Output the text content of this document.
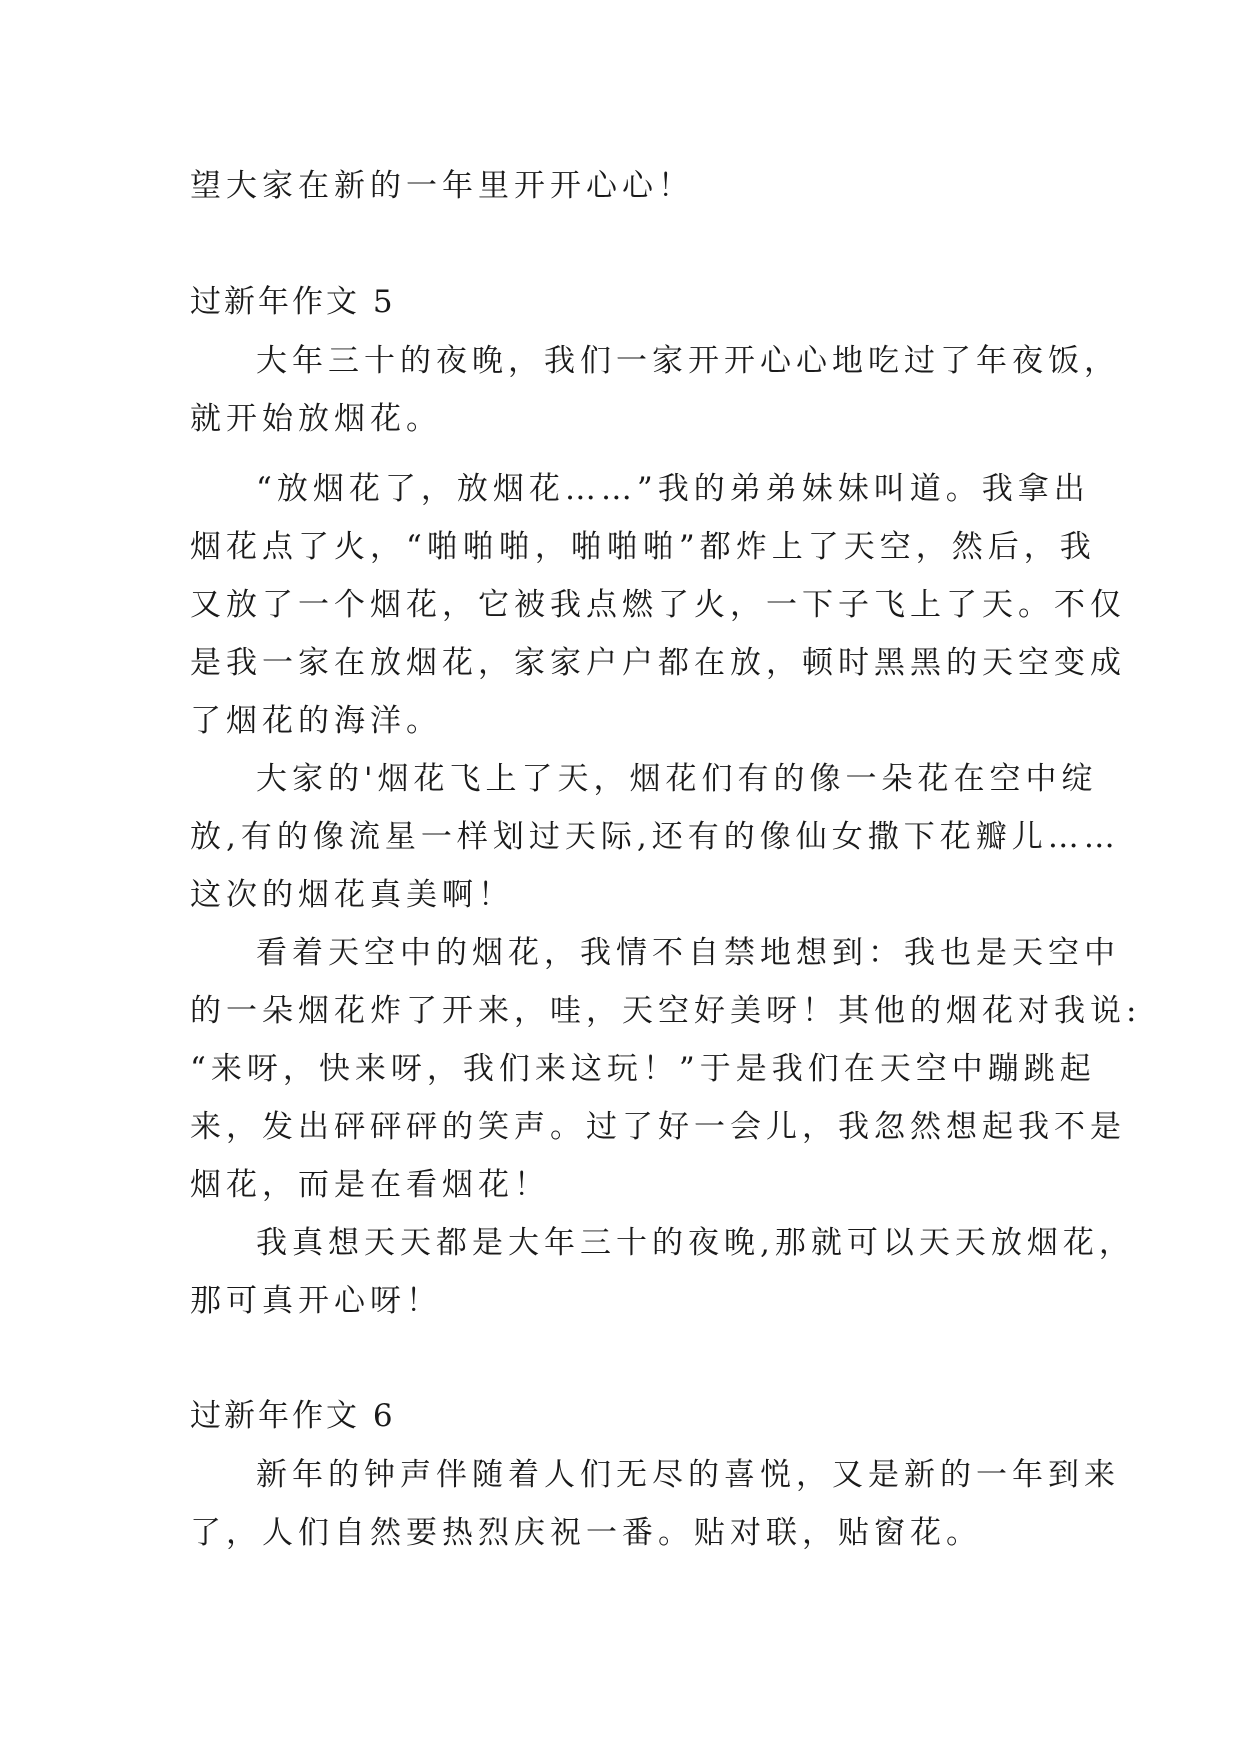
望大家在新的一年里开开心心！
过新年作文 5
大年三十的夜晚，我们一家开开心心地吃过了年夜饭，
就开始放烟花。
“放烟花了，放烟花……”我的弟弟妹妹叫道。我拿出
烟花点了火，“啪啪啪，啪啪啪”都炸上了天空，然后，我
又放了一个烟花，它被我点燃了火，一下子飞上了天。不仅
是我一家在放烟花，家家户户都在放，顿时黑黑的天空变成
了烟花的海洋。
大家的'烟花飞上了天，烟花们有的像一朵花在空中绽
放,有的像流星一样划过天际,还有的像仙女撒下花瓣儿……
这次的烟花真美啊！
看着天空中的烟花，我情不自禁地想到：我也是天空中
的一朵烟花炸了开来，哇，天空好美呀！其他的烟花对我说:
“来呀，快来呀，我们来这玩！”于是我们在天空中蹦跳起
来，发出砰砰砰的笑声。过了好一会儿，我忽然想起我不是
烟花，而是在看烟花！
我真想天天都是大年三十的夜晚,那就可以天天放烟花，
那可真开心呀！
过新年作文 6
新年的钟声伴随着人们无尽的喜悦，又是新的一年到来
了，人们自然要热烈庆祝一番。贴对联，贴窗花。
